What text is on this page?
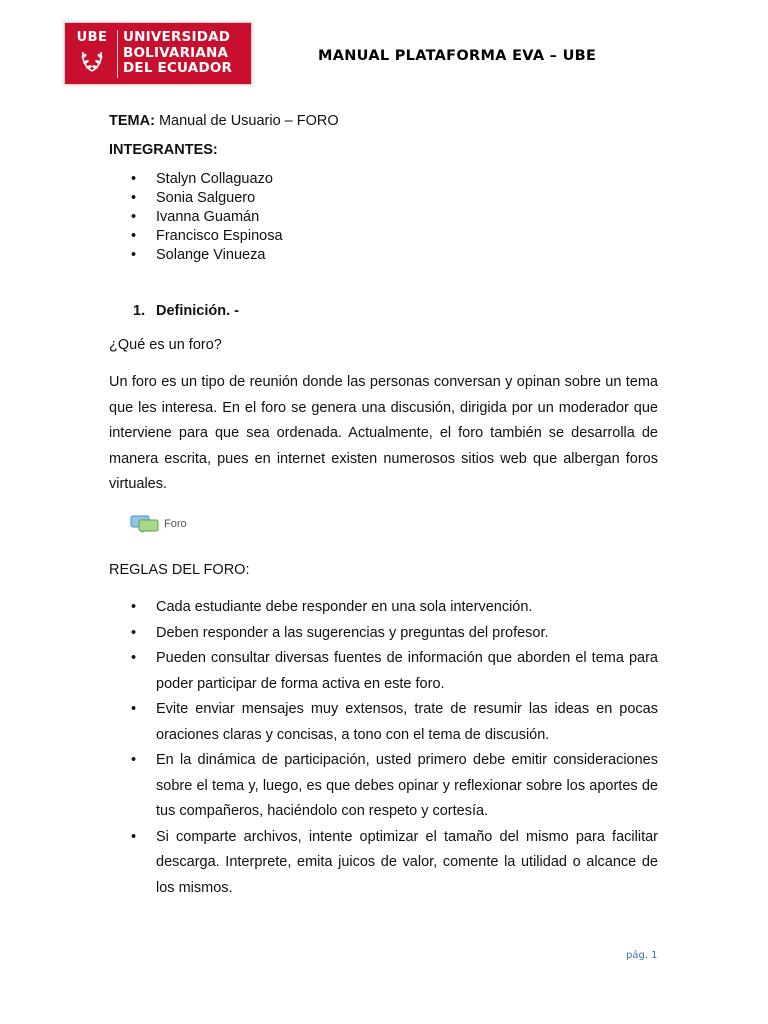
UBE UNIVERSIDAD
BOLIVARIANA
DEL ECUADOR
MANUAL PLATAFORMA EVA – UBE
TEMA: Manual de Usuario – FORO
INTEGRANTES:
• Stalyn Collaguazo
• Sonia Salguero
• Ivanna Guamán
• Francisco Espinosa
• Solange Vinueza
1. Definición. -
¿Qué es un foro?
Un foro es un tipo de reunión donde las personas conversan y opinan sobre un tema que les interesa. En el foro se genera una discusión, dirigida por un moderador que interviene para que sea ordenada. Actualmente, el foro también se desarrolla de manera escrita, pues en internet existen numerosos sitios web que albergan foros virtuales.
Foro
REGLAS DEL FORO:
• Cada estudiante debe responder en una sola intervención.
• Deben responder a las sugerencias y preguntas del profesor.
• Pueden consultar diversas fuentes de información que aborden el tema para poder participar de forma activa en este foro.
• Evite enviar mensajes muy extensos, trate de resumir las ideas en pocas oraciones claras y concisas, a tono con el tema de discusión.
• En la dinámica de participación, usted primero debe emitir consideraciones sobre el tema y, luego, es que debes opinar y reflexionar sobre los aportes de tus compañeros, haciéndolo con respeto y cortesía.
• Si comparte archivos, intente optimizar el tamaño del mismo para facilitar descarga. Interprete, emita juicos de valor, comente la utilidad o alcance de los mismos.
pág. 1
